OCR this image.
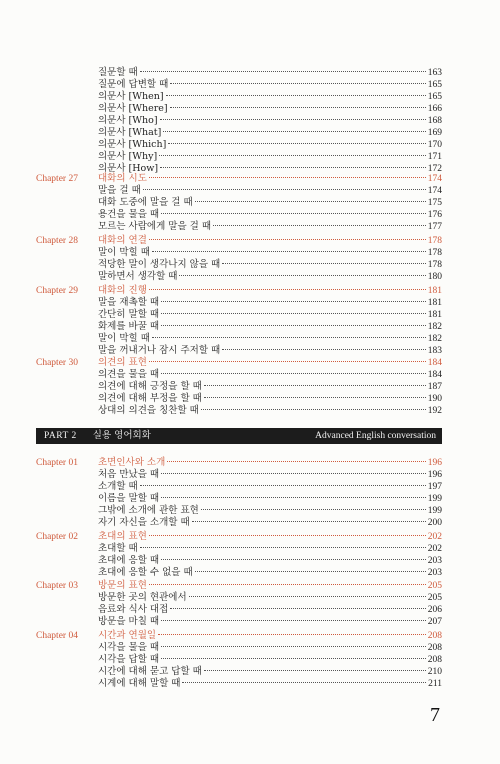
질문할 때	163
질문에 답변할 때	165
의문사 [When]	165
의문사 [Where]	166
의문사 [Who]	168
의문사 [What]	169
의문사 [Which]	170
의문사 [Why]	171
의문사 [How]	172
Chapter 27	대화의 시도	174
말을 걸 때	174
대화 도중에 말을 걸 때	175
용건을 물을 때	176
모르는 사람에게 말을 걸 때	177
Chapter 28	대화의 연결	178
말이 막힐 때	178
적당한 말이 생각나지 않을 때	178
말하면서 생각할 때	180
Chapter 29	대화의 진행	181
말을 재촉할 때	181
간단히 말할 때	181
화제를 바꿀 때	182
말이 막힐 때	182
말을 꺼내거나 잠시 주저할 때	183
Chapter 30	의견의 표현	184
의견을 물을 때	184
의견에 대해 긍정을 할 때	187
의견에 대해 부정을 할 때	190
상대의 의견을 칭찬할 때	192
Chapter 01	초면인사와 소개	196
처음 만났을 때	196
소개할 때	197
이름을 말할 때	199
그밖에 소개에 관한 표현	199
자기 자신을 소개할 때	200
Chapter 02	초대의 표현	202
초대할 때	202
초대에 응할 때	203
초대에 응할 수 없을 때	203
Chapter 03	방문의 표현	205
방문한 곳의 현관에서	205
음료와 식사 대접	206
방문을 마칠 때	207
Chapter 04	시간과 연월일	208
시각을 물을 때	208
시각을 답할 때	208
시간에 대해 묻고 답할 때	210
시계에 대해 말할 때	211
PART 2	실용 영어회화	Advanced English conversation
7
